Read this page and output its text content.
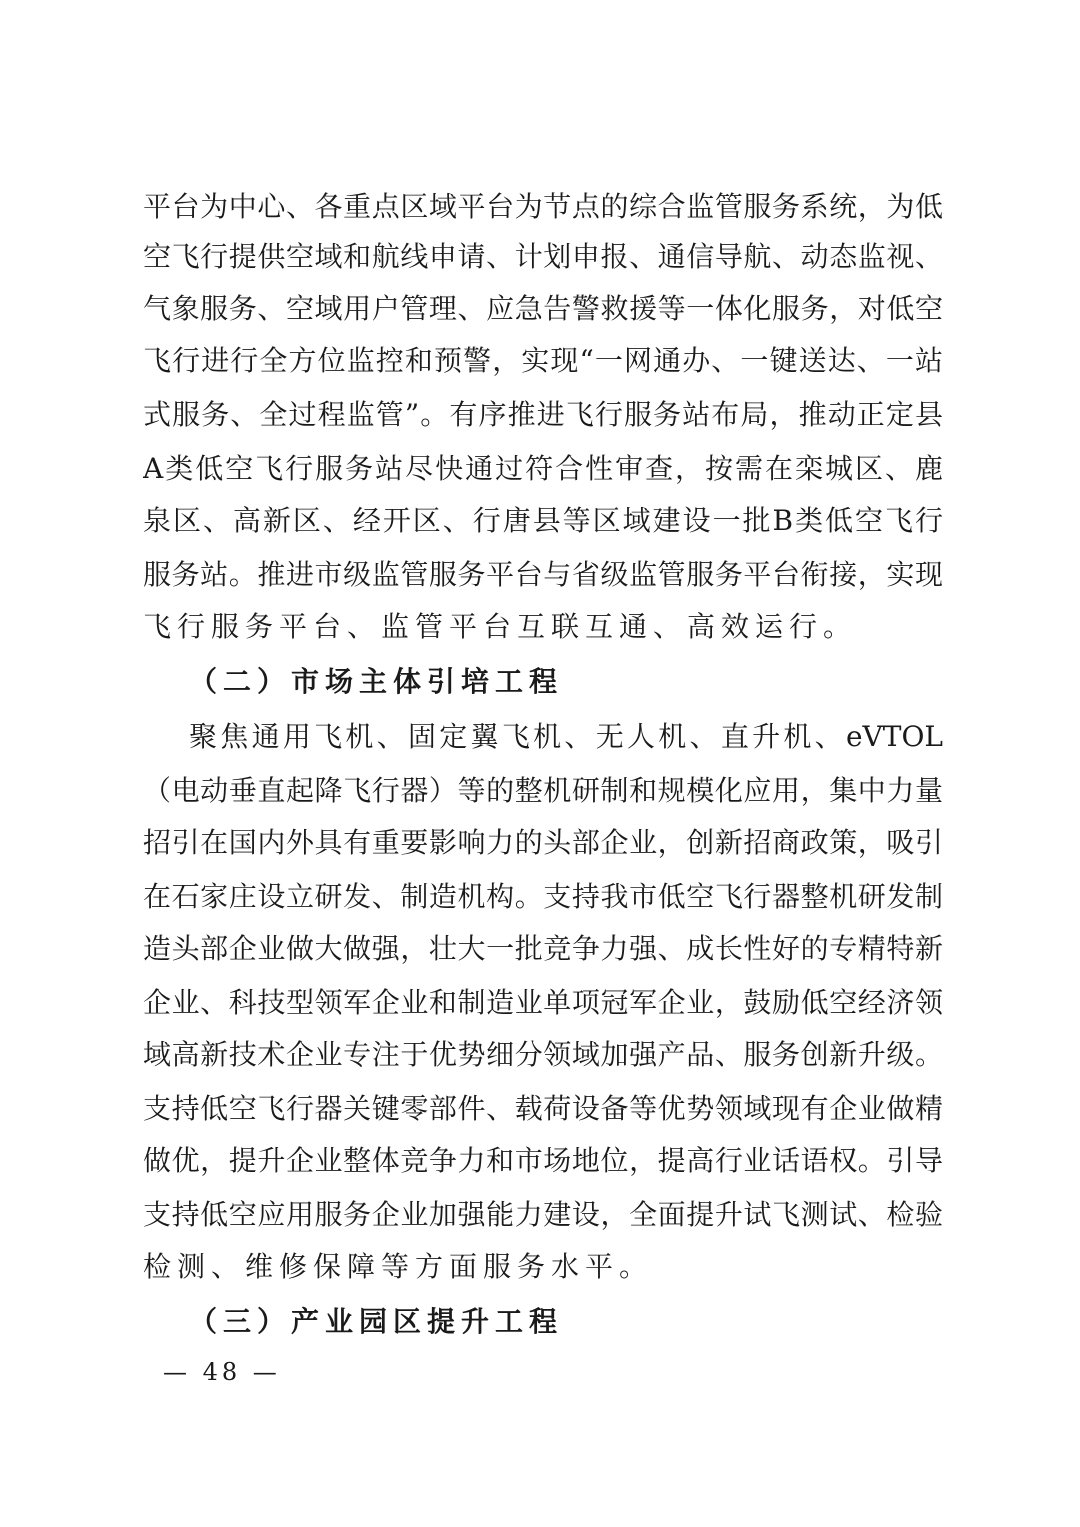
平台为中心、各重点区域平台为节点的综合监管服务系统，为低
空飞行提供空域和航线申请、计划申报、通信导航、动态监视、
气象服务、空域用户管理、应急告警救援等一体化服务，对低空
飞行进行全方位监控和预警，实现“一网通办、一键送达、一站
式服务、全过程监管”。有序推进飞行服务站布局，推动正定县
A类低空飞行服务站尽快通过符合性审查，按需在栾城区、鹿
泉区、高新区、经开区、行唐县等区域建设一批B类低空飞行
服务站。推进市级监管服务平台与省级监管服务平台衔接，实现
飞行服务平台、监管平台互联互通、高效运行。
（二）市场主体引培工程
聚焦通用飞机、固定翼飞机、无人机、直升机、eVTOL
（电动垂直起降飞行器）等的整机研制和规模化应用，集中力量
招引在国内外具有重要影响力的头部企业，创新招商政策，吸引
在石家庄设立研发、制造机构。支持我市低空飞行器整机研发制
造头部企业做大做强，壮大一批竞争力强、成长性好的专精特新
企业、科技型领军企业和制造业单项冠军企业，鼓励低空经济领
域高新技术企业专注于优势细分领域加强产品、服务创新升级。
支持低空飞行器关键零部件、载荷设备等优势领域现有企业做精
做优，提升企业整体竞争力和市场地位，提高行业话语权。引导
支持低空应用服务企业加强能力建设，全面提升试飞测试、检验
检测、维修保障等方面服务水平。
（三）产业园区提升工程
— 48 —
